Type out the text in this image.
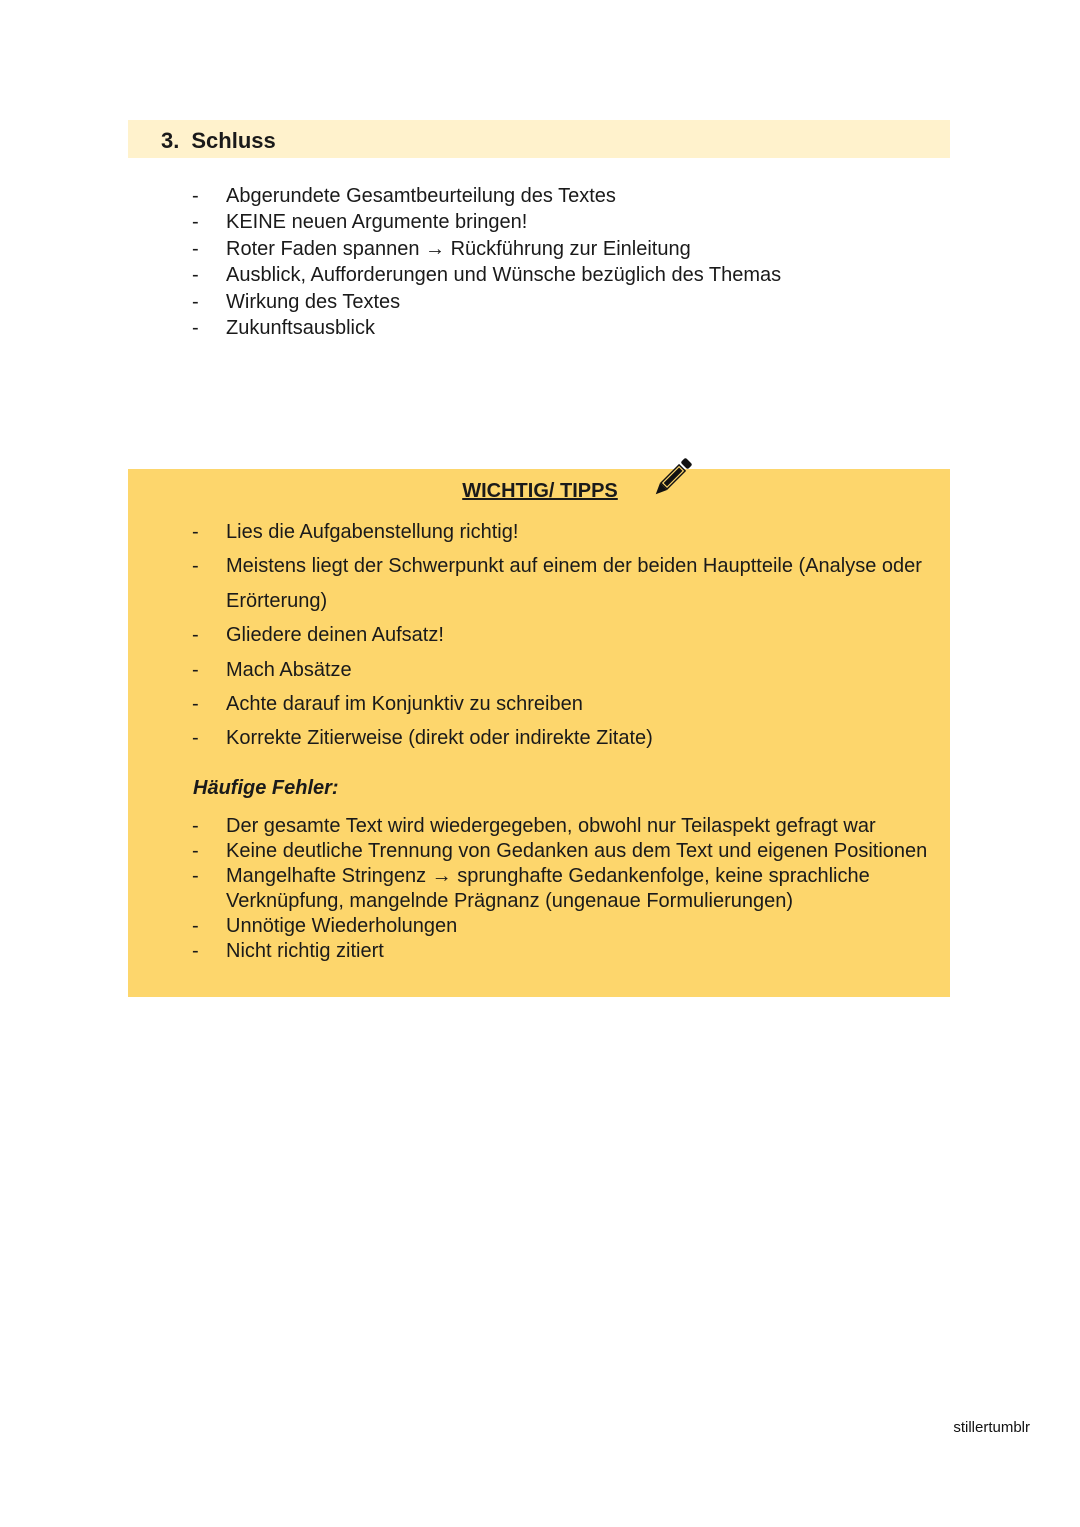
3. Schluss
- Abgerundete Gesamtbeurteilung des Textes
- KEINE neuen Argumente bringen!
- Roter Faden spannen → Rückführung zur Einleitung
- Ausblick, Aufforderungen und Wünsche bezüglich des Themas
- Wirkung des Textes
- Zukunftsausblick
WICHTIG/ TIPPS
- Lies die Aufgabenstellung richtig!
- Meistens liegt der Schwerpunkt auf einem der beiden Hauptteile (Analyse oder Erörterung)
- Gliedere deinen Aufsatz!
- Mach Absätze
- Achte darauf im Konjunktiv zu schreiben
- Korrekte Zitierweise (direkt oder indirekte Zitate)
Häufige Fehler:
- Der gesamte Text wird wiedergegeben, obwohl nur Teilaspekt gefragt war
- Keine deutliche Trennung von Gedanken aus dem Text und eigenen Positionen
- Mangelhafte Stringenz → sprunghafte Gedankenfolge, keine sprachliche Verknüpfung, mangelnde Prägnanz (ungenaue Formulierungen)
- Unnötige Wiederholungen
- Nicht richtig zitiert
stillertumblr
